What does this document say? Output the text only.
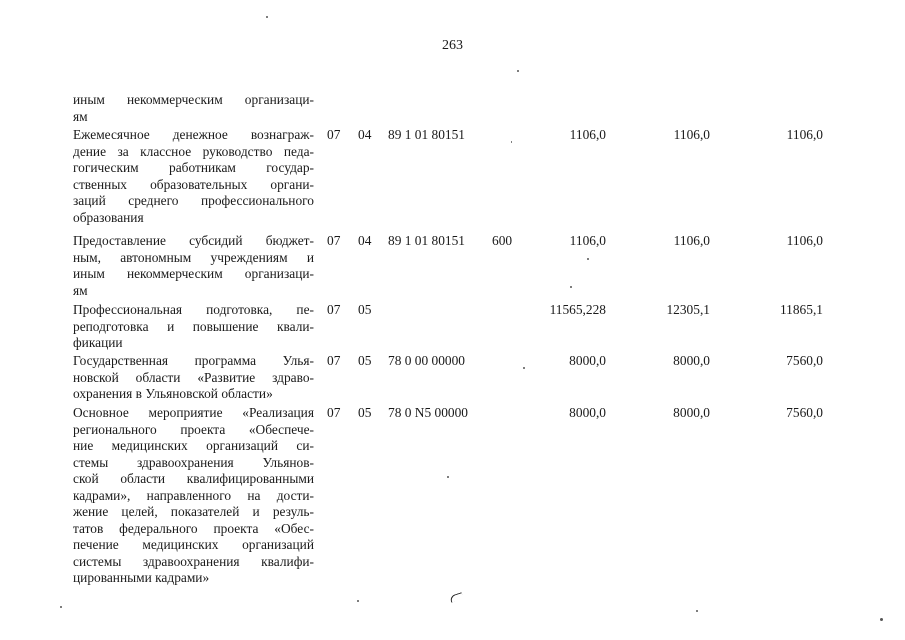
263
иным некоммерческим организаци-
ям
Ежемесячное денежное вознаграж-
дение за классное руководство педа-
гогическим работникам государ-
ственных образовательных органи-
заций среднего профессионального
образования
07 04 89 1 01 80151	1106,0	1106,0	1106,0
Предоставление субсидий бюджет-
ным, автономным учреждениям и
иным некоммерческим организаци-
ям
07 04 89 1 01 80151 600	1106,0	1106,0	1106,0
Профессиональная подготовка, пе-
реподготовка и повышение квали-
фикации
07 05	11565,228	12305,1	11865,1
Государственная программа Улья-
новской области «Развитие здраво-
охранения в Ульяновской области»
07 05 78 0 00 00000	8000,0	8000,0	7560,0
Основное мероприятие «Реализация
регионального проекта «Обеспече-
ние медицинских организаций си-
стемы здравоохранения Ульянов-
ской области квалифицированными
кадрами», направленного на дости-
жение целей, показателей и резуль-
татов федерального проекта «Обес-
печение медицинских организаций
системы здравоохранения квалифи-
цированными кадрами»
07 05 78 0 N5 00000	8000,0	8000,0	7560,0
